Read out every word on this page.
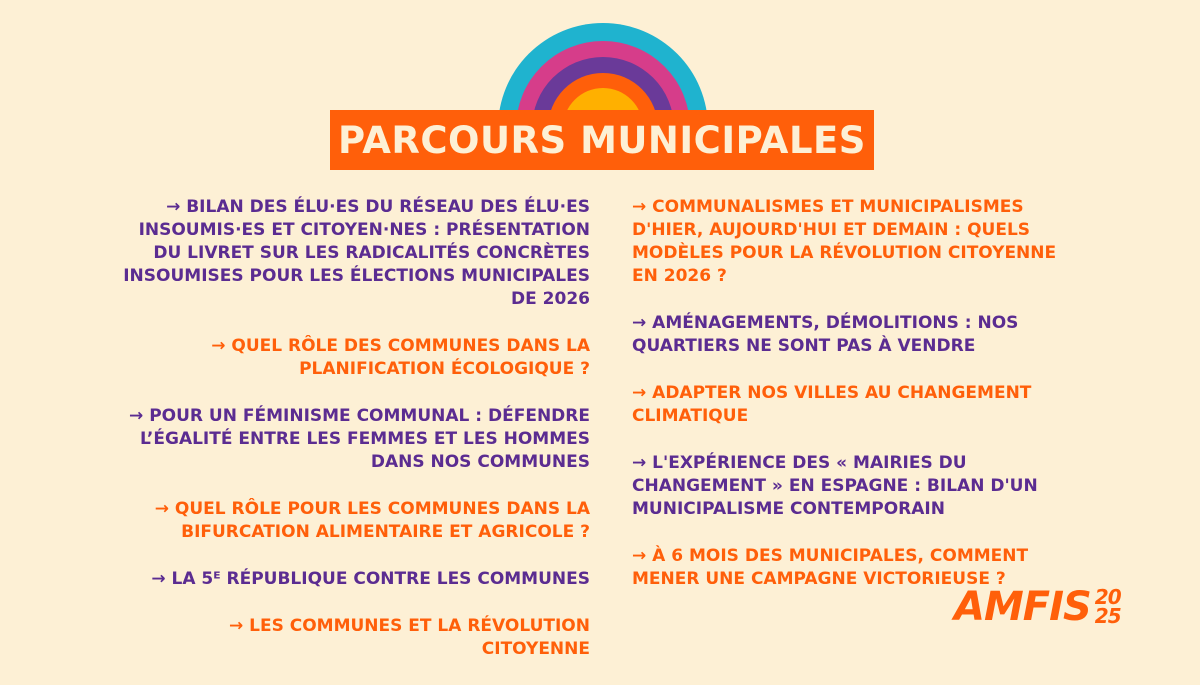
PARCOURS MUNICIPALES
→ BILAN DES ÉLU·ES DU RÉSEAU DES ÉLU·ES INSOUMIS·ES ET CITOYEN·NES : PRÉSENTATION DU LIVRET SUR LES RADICALITÉS CONCRÈTES INSOUMISES POUR LES ÉLECTIONS MUNICIPALES DE 2026
→ QUEL RÔLE DES COMMUNES DANS LA PLANIFICATION ÉCOLOGIQUE ?
→ POUR UN FÉMINISME COMMUNAL : DÉFENDRE L’ÉGALITÉ ENTRE LES FEMMES ET LES HOMMES DANS NOS COMMUNES
→ QUEL RÔLE POUR LES COMMUNES DANS LA BIFURCATION ALIMENTAIRE ET AGRICOLE ?
→ LA 5ᴱ RÉPUBLIQUE CONTRE LES COMMUNES
→ LES COMMUNES ET LA RÉVOLUTION CITOYENNE
→ COMMUNALISMES ET MUNICIPALISMES D'HIER, AUJOURD'HUI ET DEMAIN : QUELS MODÈLES POUR LA RÉVOLUTION CITOYENNE EN 2026 ?
→ AMÉNAGEMENTS, DÉMOLITIONS : NOS QUARTIERS NE SONT PAS À VENDRE
→ ADAPTER NOS VILLES AU CHANGEMENT CLIMATIQUE
→ L'EXPÉRIENCE DES « MAIRIES DU CHANGEMENT » EN ESPAGNE : BILAN D'UN MUNICIPALISME CONTEMPORAIN
→ À 6 MOIS DES MUNICIPALES, COMMENT MENER UNE CAMPAGNE VICTORIEUSE ?
AMFIS 20
25
